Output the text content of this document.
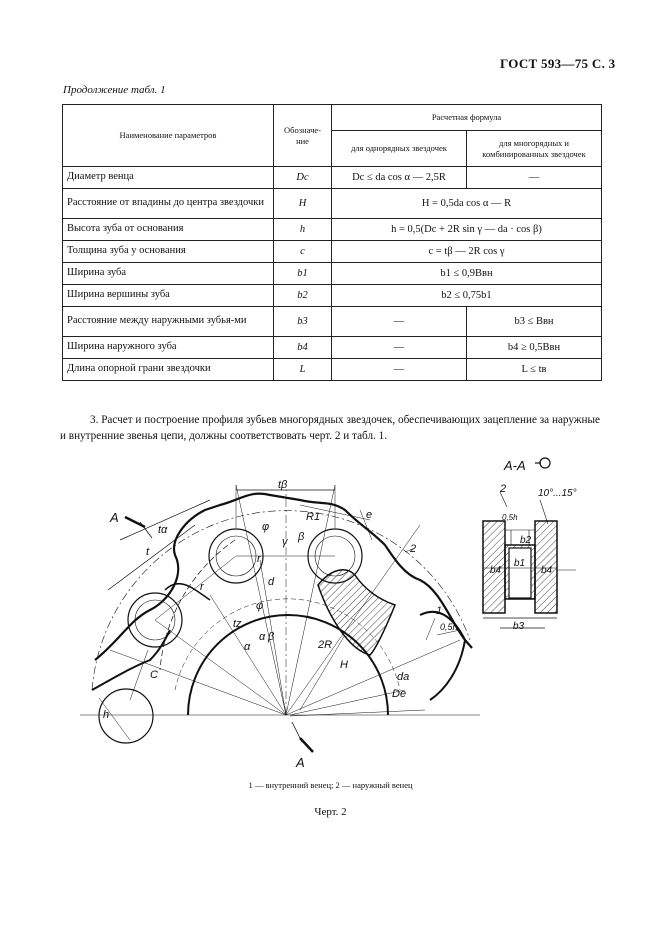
ГОСТ 593—75 С. 3
Продолжение табл. 1
Наименование параметров	Обозначе-ние	Расчетная формула	
		для однорядных звездочек	для многорядных и комбинированных звездочек
Диаметр венца	Dc	Dс ≤ dа cos α — 2,5R	—
Расстояние от впадины до центра звездочки	H	H = 0,5dа cos α — R	
Высота зуба от основания	h	h = 0,5(Dс + 2R sin γ — dа · cos β)	
Толщина зуба у основания	c	c = tβ — 2R cos γ	
Ширина зуба	b1	b1 ≤ 0,9Bвн	
Ширина вершины зуба	b2	b2 ≤ 0,75b1	
Расстояние между наружными зубья-ми	b3	—	b3 ≤ Bвн
Ширина наружного зуба	b4	—	b4 ≥ 0,5Bвн
Длина опорной грани звездочки	L	—	L ≤ tв
3. Расчет и построение профиля зубьев многорядных звездочек, обеспечивающих зацепление за наружные и внутренние звенья цепи, должны соответствовать черт. 2 и табл. 1.
А-А
2	10°...15°
0,5h
b2
b1
b4	b4
b3
А
А
tβ
tα
t
R1	e
φ
γ β
r
d
r
φ
tz
α β
α	2R
H
C
h
dа
Dе
2
1
0,5h
1 — внутренний венец; 2 — наружный венец
Черт. 2
